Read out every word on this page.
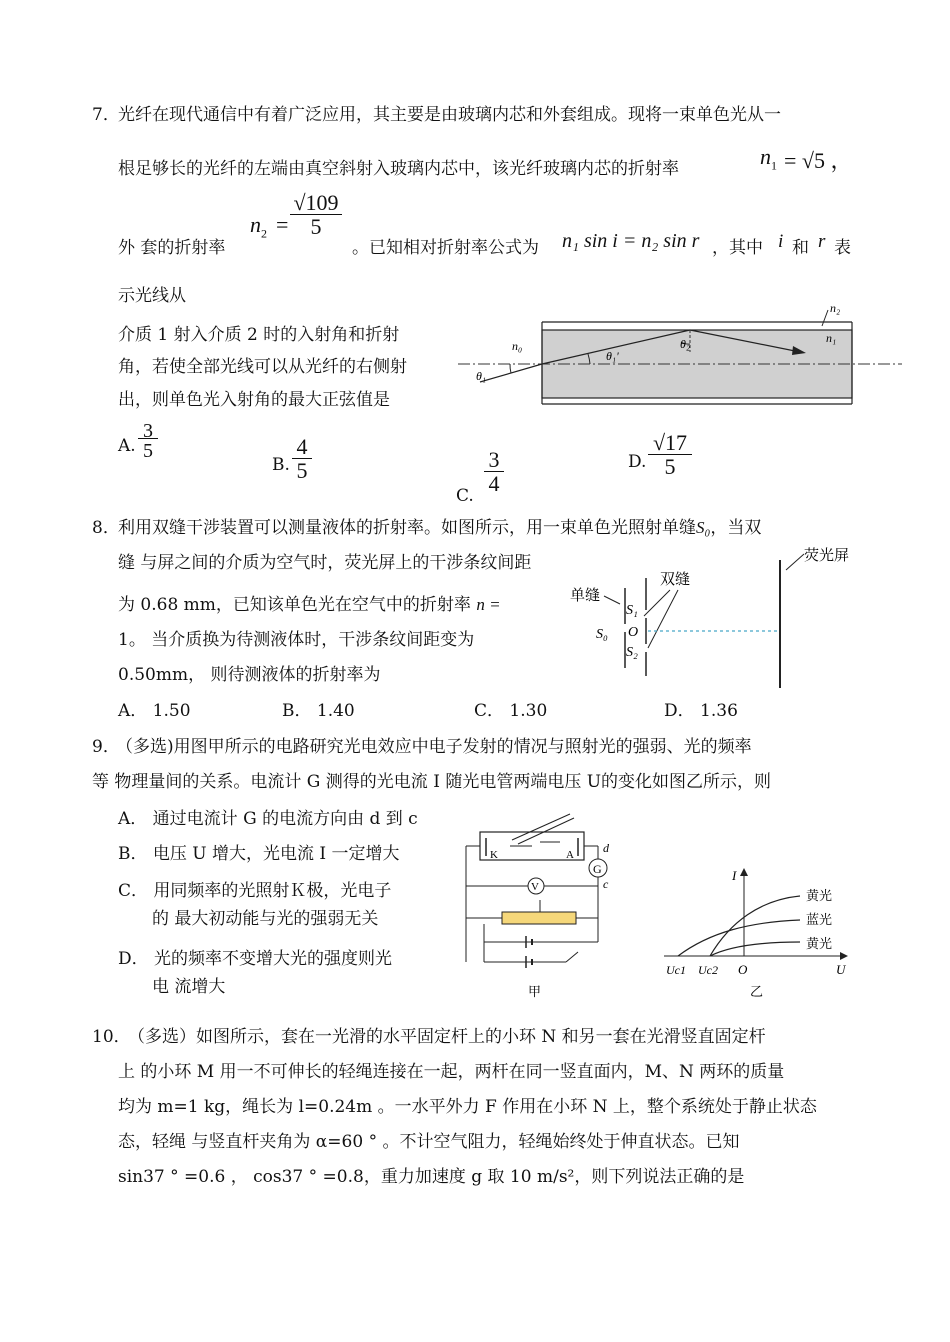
7．
光纤在现代通信中有着广泛应用，其主要是由玻璃内芯和外套组成。现将一束单色光从一
根足够长的光纤的左端由真空斜射入玻璃内芯中，该光纤玻璃内芯的折射率	$n_1 = √5$ ，
外 套的折射率
$n_2 = \frac{√109}{5}$
。已知相对折射率公式为 n₁ sin i = n₂ sin r ，其中 i 和 r 表
示光线从
介质 1 射入介质 2 时的入射角和折射
角，若使全部光线可以从光纤的右侧射
出，则单色光入射角的最大正弦值是
n₂
n₁
n₀
θ₁
θ₁'
θ₂
A. $\frac{3}{5}$
B. $\frac{4}{5}$
C. $\frac{3}{4}$	D. $\frac{√17}{5}$
8．
利用双缝干涉装置可以测量液体的折射率。如图所示，用一束单色光照射单缝S₀，当双
缝 与屏之间的介质为空气时，荧光屏上的干涉条纹间距
为 0.68 mm，已知该单色光在空气中的折射率 n =
1。 当介质换为待测液体时，干涉条纹间距变为
0.50mm， 则待测液体的折射率为
A． 1.50	B． 1.40	C． 1.30	D． 1.36
荧光屏
单缝
双缝
S₁
O
S₀
S₂
9．
（多选)用图甲所示的电路研究光电效应中电子发射的情况与照射光的强弱、光的频率
等 物理量间的关系。电流计 G 测得的光电流 I 随光电管两端电压 U的变化如图乙所示，则
A． 通过电流计 G 的电流方向由 d 到 c
B． 电压 U 增大，光电流 I 一定增大
C． 用同频率的光照射Ｋ极，光电子
的 最大初动能与光的强弱无关
D． 光的频率不变增大光的强度则光
电 流增大
K	A
G
d
c
V
甲
I
U
O
Uc1 Uc2
黄光
蓝光
黄光
乙
10．
（多选）如图所示，套在一光滑的水平固定杆上的小环 N 和另一套在光滑竖直固定杆
上 的小环 M 用一不可伸长的轻绳连接在一起，两杆在同一竖直面内，M、N 两环的质量
均为 m=1 kg，绳长为 l=0.24m 。一水平外力 F 作用在小环 N 上，整个系统处于静止状态
态，轻绳 与竖直杆夹角为 α=60 ° 。不计空气阻力，轻绳始终处于伸直状态。已知
sin37 ° =0.6 ， cos37 ° =0.8，重力加速度 g 取 10 m/s²，则下列说法正确的是
